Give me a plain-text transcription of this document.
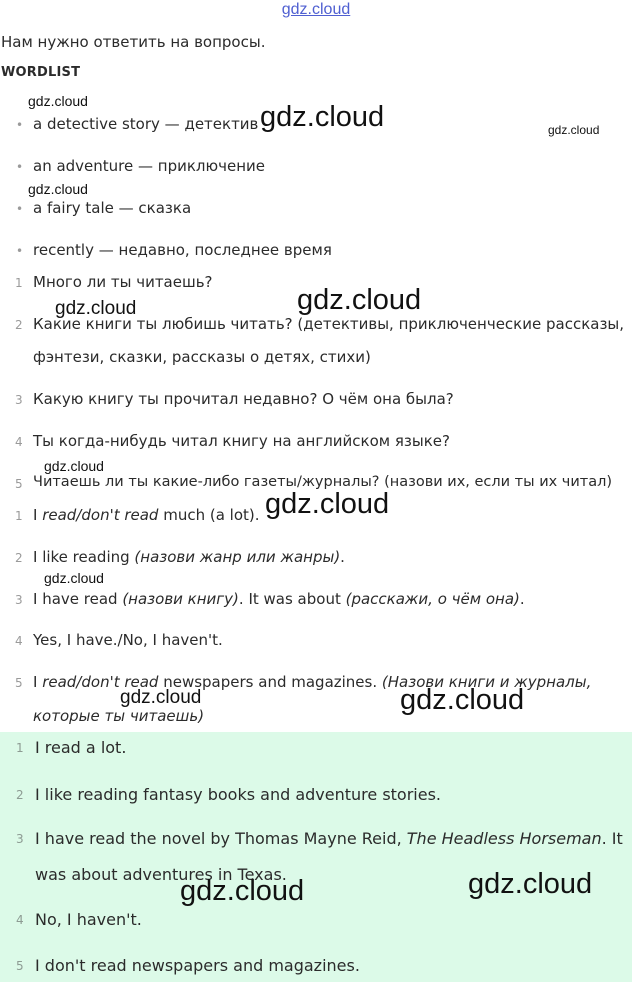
gdz.cloud
Нам нужно ответить на вопросы.
WORDLIST
• a detective story — детектив
• an adventure — приключение
• a fairy tale — сказка
• recently — недавно, последнее время
1 Много ли ты читаешь?
2 Какие книги ты любишь читать? (детективы, приключенческие рассказы,
фэнтези, сказки, рассказы о детях, стихи)
3 Какую книгу ты прочитал недавно? О чём она была?
4 Ты когда-нибудь читал книгу на английском языке?
5 Читаешь ли ты какие-либо газеты/журналы? (назови их, если ты их читал)
1 I read/don't read much (a lot).
2 I like reading (назови жанр или жанры).
3 I have read (назови книгу). It was about (расскажи, о чём она).
4 Yes, I have./No, I haven't.
5 I read/don't read newspapers and magazines. (Назови книги и журналы,
которые ты читаешь)
1 I read a lot.
2 I like reading fantasy books and adventure stories.
3 I have read the novel by Thomas Mayne Reid, The Headless Horseman. It
was about adventures in Texas.
4 No, I haven't.
5 I don't read newspapers and magazines.
gdz.cloud	gdz.cloud	gdz.cloud
gdz.cloud
gdz.cloud
gdz.cloud
gdz.cloud
gdz.cloud
gdz.cloud
gdz.cloud	gdz.cloud
gdz.cloud	gdz.cloud
